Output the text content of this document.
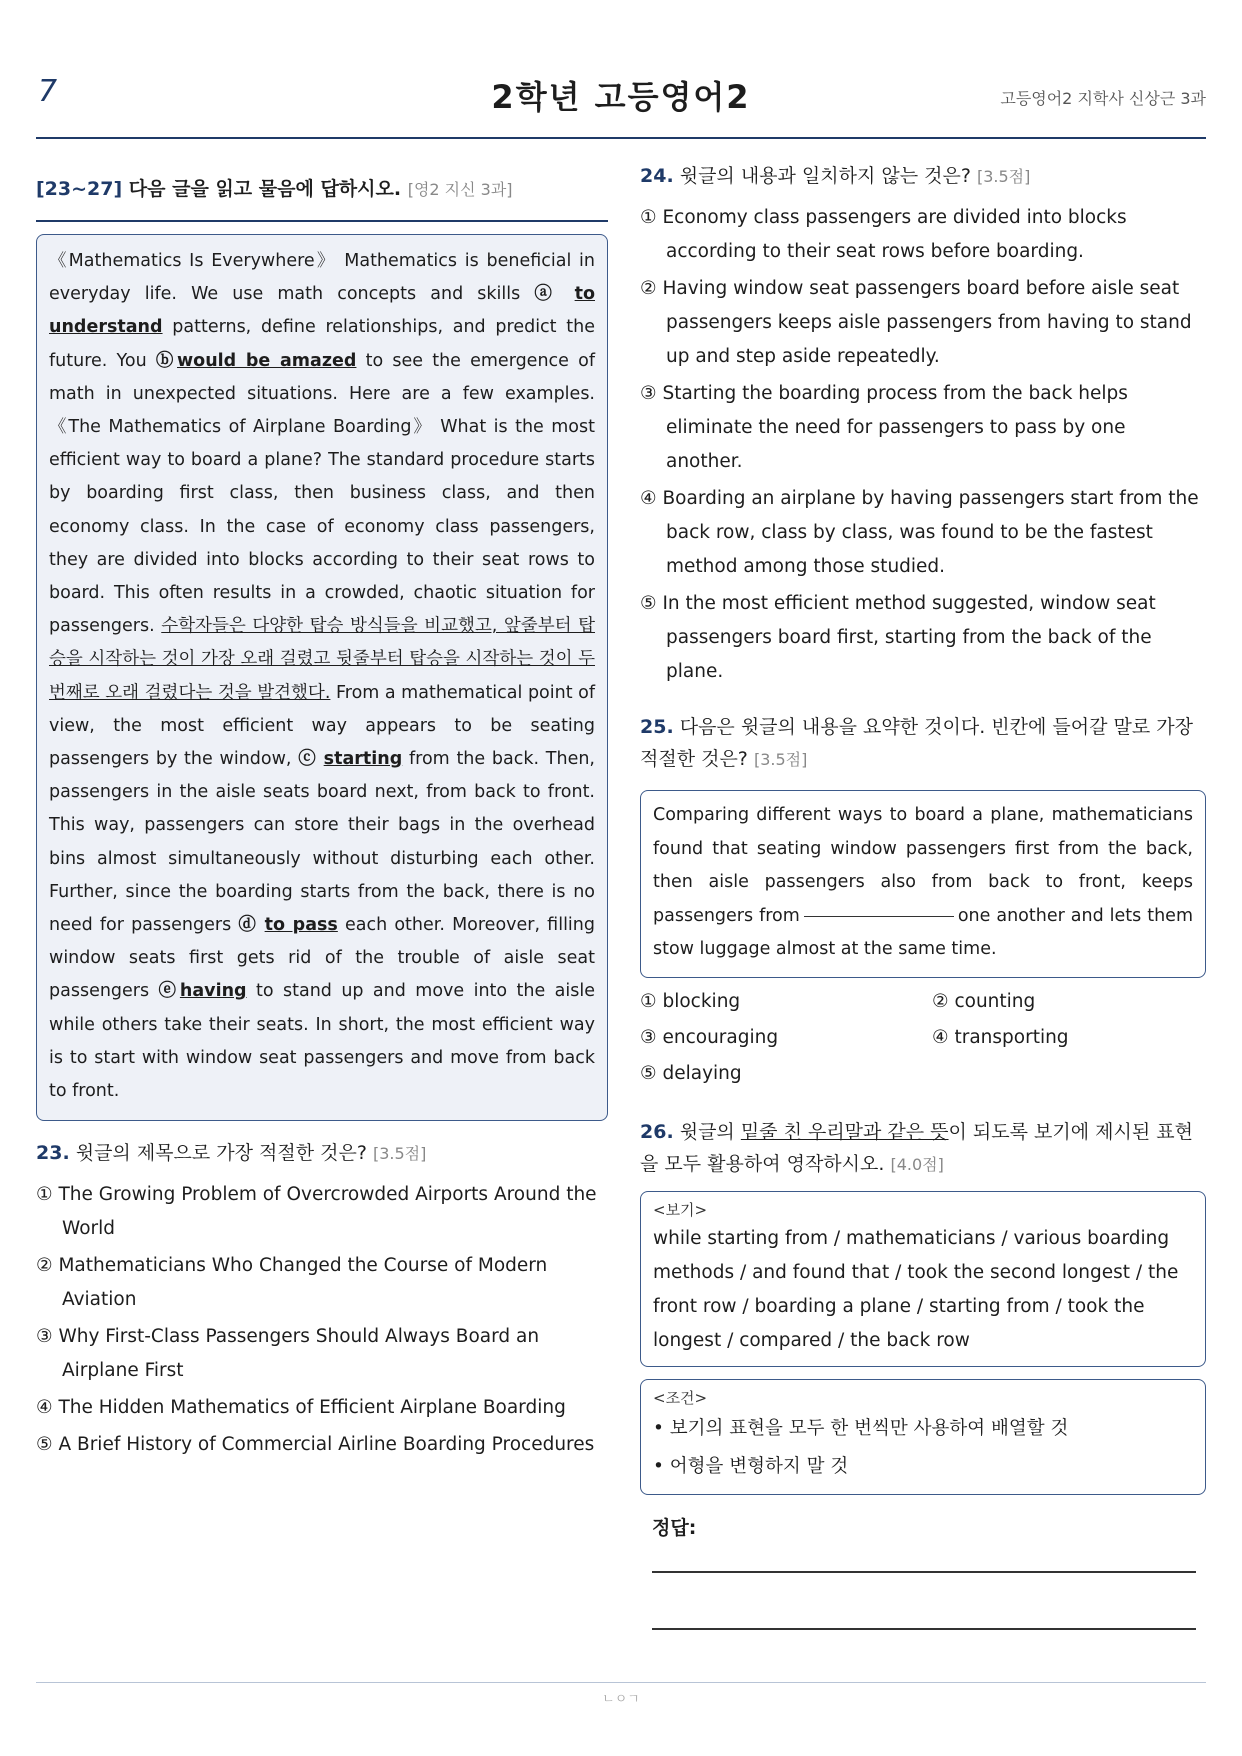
7	2학년 고등영어2	고등영어2 지학사 신상근 3과
[23~27] 다음 글을 읽고 물음에 답하시오. [영2 지신 3과]
《Mathematics Is Everywhere》 Mathematics is beneficial in everyday life. We use math concepts and skills ⓐ to understand patterns, define relationships, and predict the future. You ⓑwould be amazed to see the emergence of math in unexpected situations. Here are a few examples. 《The Mathematics of Airplane Boarding》 What is the most efficient way to board a plane? The standard procedure starts by boarding first class, then business class, and then economy class. In the case of economy class passengers, they are divided into blocks according to their seat rows to board. This often results in a crowded, chaotic situation for passengers. 수학자들은 다양한 탑승 방식들을 비교했고, 앞줄부터 탑승을 시작하는 것이 가장 오래 걸렸고 뒷줄부터 탑승을 시작하는 것이 두 번째로 오래 걸렸다는 것을 발견했다. From a mathematical point of view, the most efficient way appears to be seating passengers by the window, ⓒ starting from the back. Then, passengers in the aisle seats board next, from back to front. This way, passengers can store their bags in the overhead bins almost simultaneously without disturbing each other. Further, since the boarding starts from the back, there is no need for passengers ⓓ to pass each other. Moreover, filling window seats first gets rid of the trouble of aisle seat passengers ⓔhaving to stand up and move into the aisle while others take their seats. In short, the most efficient way is to start with window seat passengers and move from back to front.
23. 윗글의 제목으로 가장 적절한 것은? [3.5점]
① The Growing Problem of Overcrowded Airports Around the World
② Mathematicians Who Changed the Course of Modern Aviation
③ Why First-Class Passengers Should Always Board an Airplane First
④ The Hidden Mathematics of Efficient Airplane Boarding
⑤ A Brief History of Commercial Airline Boarding Procedures
24. 윗글의 내용과 일치하지 않는 것은? [3.5점]
① Economy class passengers are divided into blocks according to their seat rows before boarding.
② Having window seat passengers board before aisle seat passengers keeps aisle passengers from having to stand up and step aside repeatedly.
③ Starting the boarding process from the back helps eliminate the need for passengers to pass by one another.
④ Boarding an airplane by having passengers start from the back row, class by class, was found to be the fastest method among those studied.
⑤ In the most efficient method suggested, window seat passengers board first, starting from the back of the plane.
25. 다음은 윗글의 내용을 요약한 것이다. 빈칸에 들어갈 말로 가장 적절한 것은? [3.5점]
Comparing different ways to board a plane, mathematicians found that seating window passengers first from the back, then aisle passengers also from back to front, keeps passengers from	one another and lets them stow luggage almost at the same time.
① blocking	② counting
③ encouraging	④ transporting
⑤ delaying
26. 윗글의 밑줄 친 우리말과 같은 뜻이 되도록 보기에 제시된 표현을 모두 활용하여 영작하시오. [4.0점]
<보기>
while starting from / mathematicians / various boarding methods / and found that / took the second longest / the front row / boarding a plane / starting from / took the longest / compared / the back row
<조건>
• 보기의 표현을 모두 한 번씩만 사용하여 배열할 것
• 어형을 변형하지 말 것
정답:
ㄴㅇㄱ
